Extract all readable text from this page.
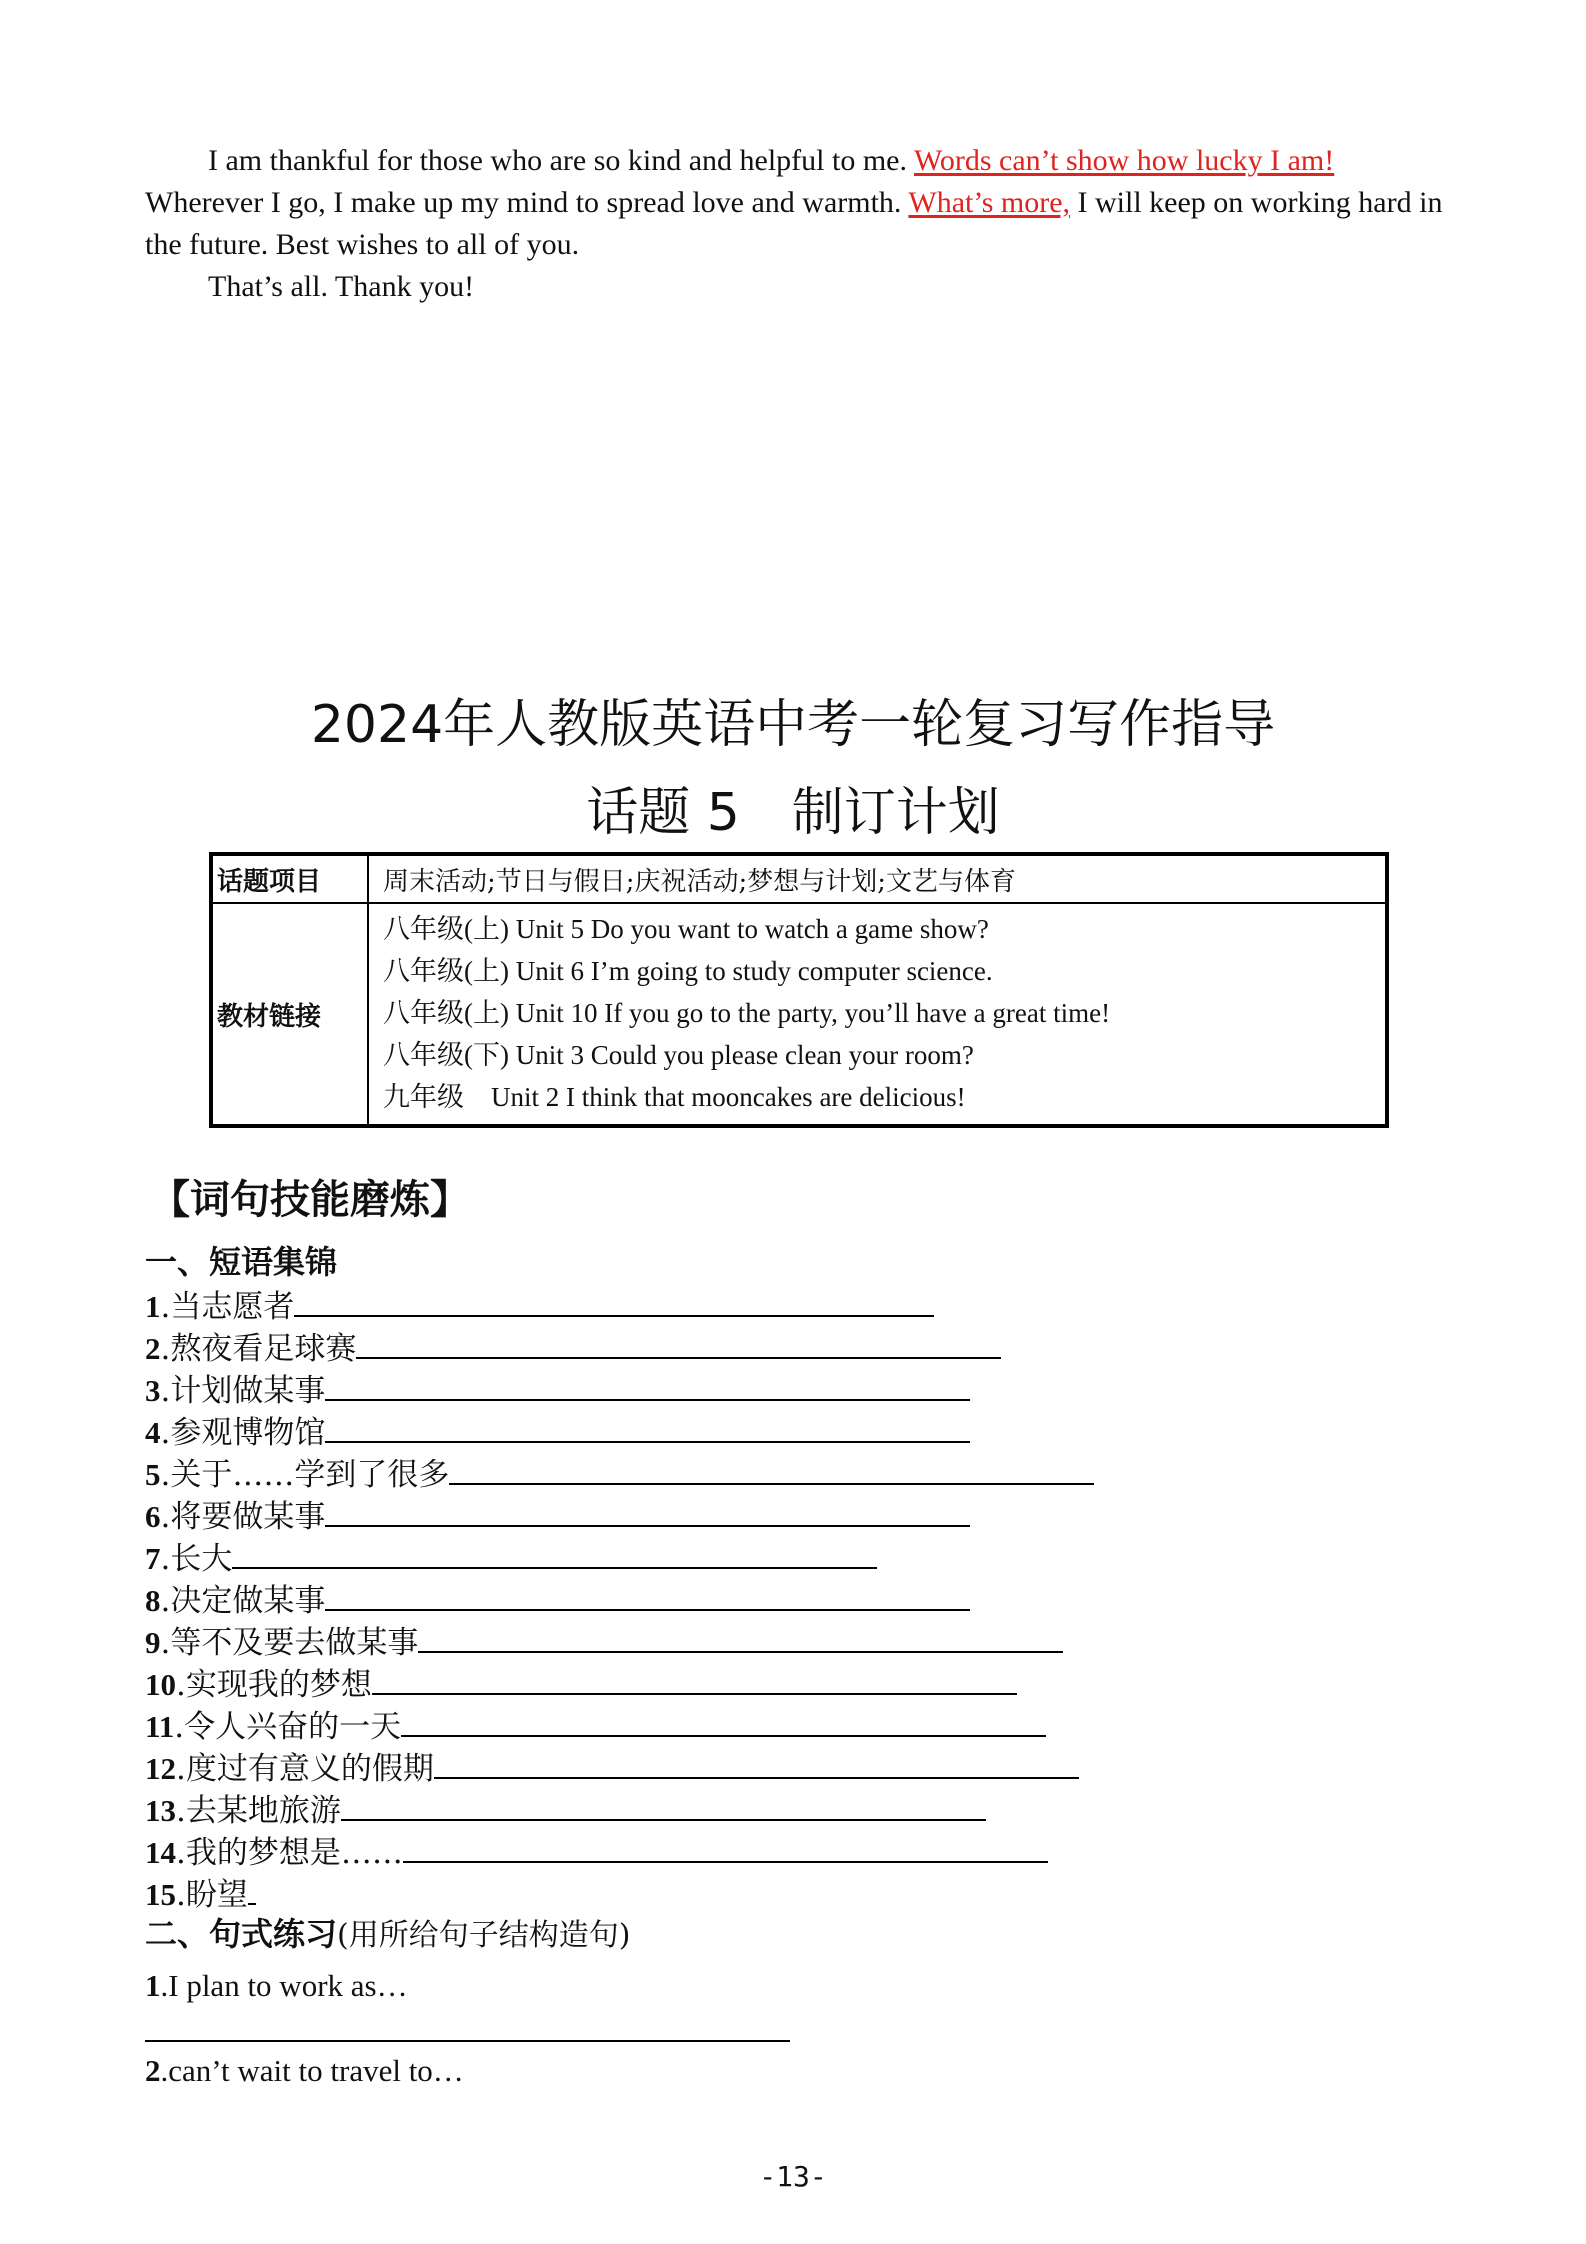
I am thankful for those who are so kind and helpful to me. Words can’t show how lucky I am! Wherever I go, I make up my mind to spread love and warmth. What’s more, I will keep on working hard in the future. Best wishes to all of you.
That’s all. Thank you!
2024年人教版英语中考一轮复习写作指导
话题 5　制订计划
话题项目	周末活动;节日与假日;庆祝活动;梦想与计划;文艺与体育
教材链接	八年级(上) Unit 5 Do you want to watch a game show?
八年级(上) Unit 6 I’m going to study computer science.
八年级(上) Unit 10 If you go to the party, you’ll have a great time!
八年级(下) Unit 3 Could you please clean your room?
九年级　Unit 2 I think that mooncakes are delicious!
【词句技能磨炼】
一、短语集锦
1.当志愿者
2.熬夜看足球赛
3.计划做某事
4.参观博物馆
5.关于……学到了很多
6.将要做某事
7.长大
8.决定做某事
9.等不及要去做某事
10.实现我的梦想
11.令人兴奋的一天
12.度过有意义的假期
13.去某地旅游
14.我的梦想是……
15.盼望
二、句式练习(用所给句子结构造句)
1.I plan to work as…
2.can’t wait to travel to…
-13-
